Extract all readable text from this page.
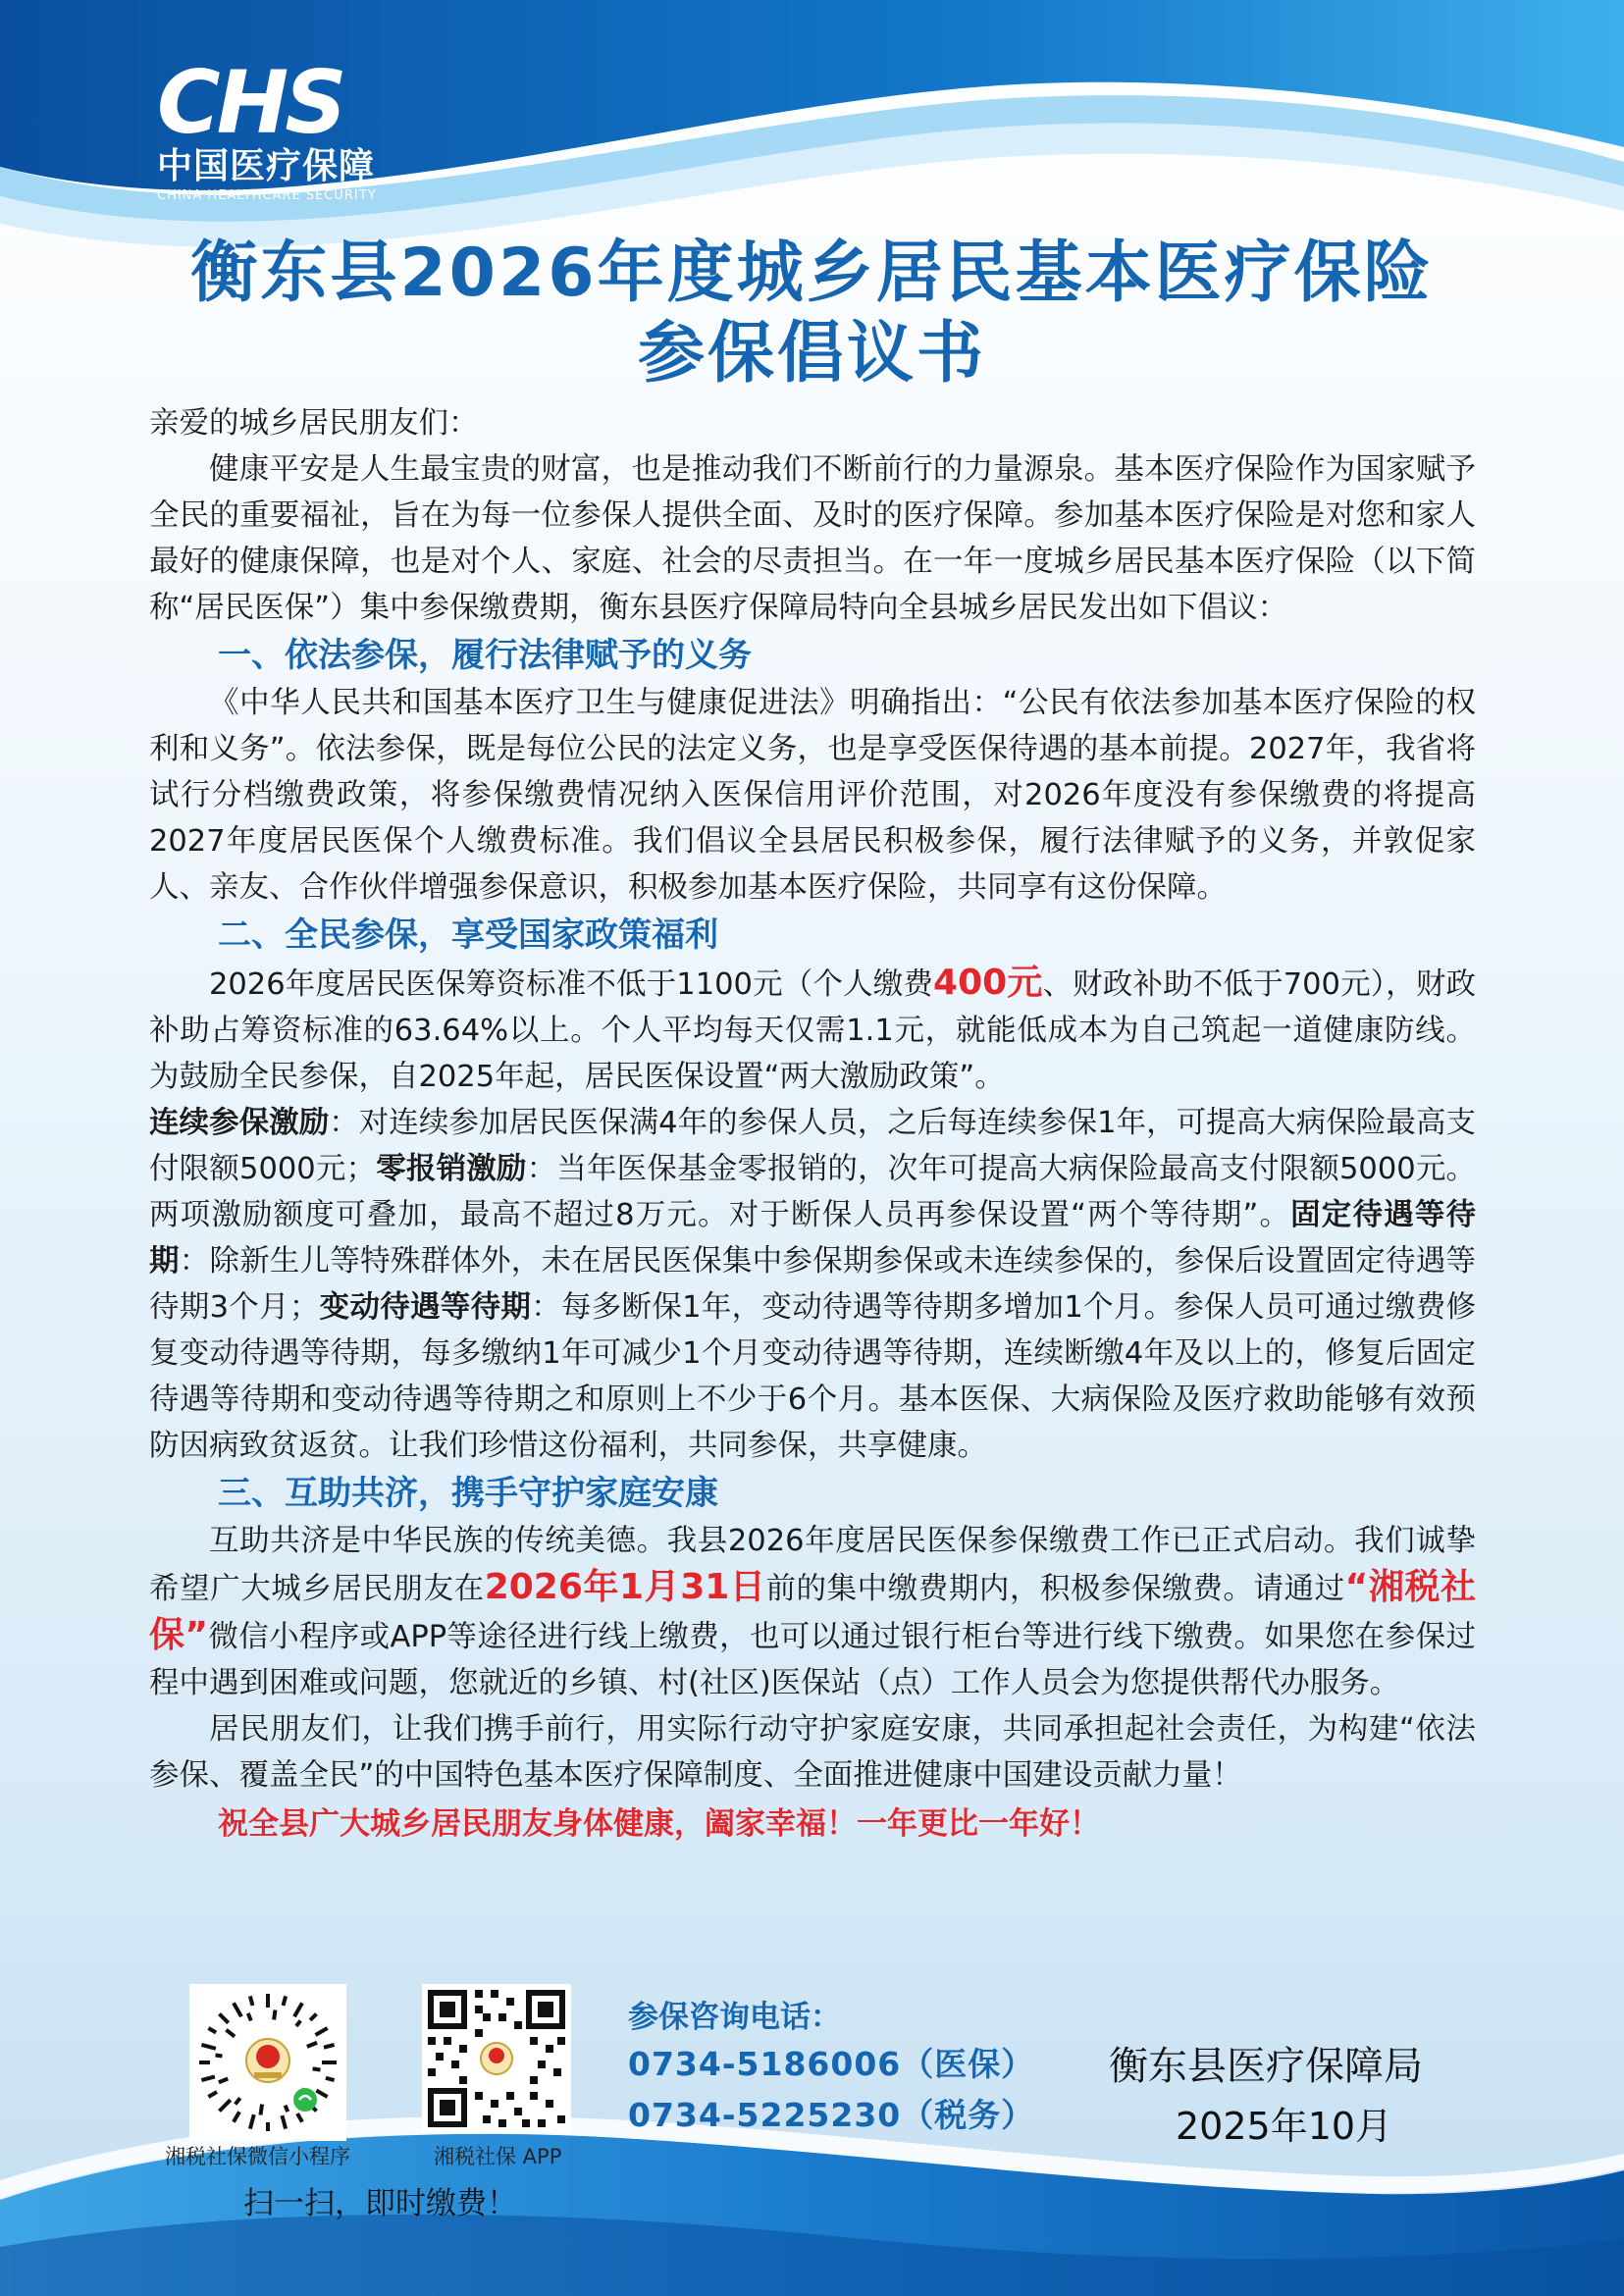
CHS
中国医疗保障
CHINA HEALTHCARE SECURITY
衡东县2026年度城乡居民基本医疗保险
参保倡议书

亲爱的城乡居民朋友们：

健康平安是人生最宝贵的财富，也是推动我们不断前行的力量源泉。基本医疗保险作为国家赋予全民的重要福祉，旨在为每一位参保人提供全面、及时的医疗保障。参加基本医疗保险是对您和家人最好的健康保障，也是对个人、家庭、社会的尽责担当。在一年一度城乡居民基本医疗保险（以下简称“居民医保”）集中参保缴费期，衡东县医疗保障局特向全县城乡居民发出如下倡议：

一、依法参保，履行法律赋予的义务

《中华人民共和国基本医疗卫生与健康促进法》明确指出：“公民有依法参加基本医疗保险的权利和义务”。依法参保，既是每位公民的法定义务，也是享受医保待遇的基本前提。2027年，我省将试行分档缴费政策，将参保缴费情况纳入医保信用评价范围，对2026年度没有参保缴费的将提高2027年度居民医保个人缴费标准。我们倡议全县居民积极参保，履行法律赋予的义务，并敦促家人、亲友、合作伙伴增强参保意识，积极参加基本医疗保险，共同享有这份保障。

二、全民参保，享受国家政策福利

2026年度居民医保筹资标准不低于1100元（个人缴费400元、财政补助不低于700元），财政补助占筹资标准的63.64%以上。个人平均每天仅需1.1元，就能低成本为自己筑起一道健康防线。为鼓励全民参保，自2025年起，居民医保设置“两大激励政策”。

连续参保激励：对连续参加居民医保满4年的参保人员，之后每连续参保1年，可提高大病保险最高支付限额5000元；零报销激励：当年医保基金零报销的，次年可提高大病保险最高支付限额5000元。两项激励额度可叠加，最高不超过8万元。对于断保人员再参保设置“两个等待期”。固定待遇等待期：除新生儿等特殊群体外，未在居民医保集中参保期参保或未连续参保的，参保后设置固定待遇等待期3个月；变动待遇等待期：每多断保1年，变动待遇等待期多增加1个月。参保人员可通过缴费修复变动待遇等待期，每多缴纳1年可减少1个月变动待遇等待期，连续断缴4年及以上的，修复后固定待遇等待期和变动待遇等待期之和原则上不少于6个月。基本医保、大病保险及医疗救助能够有效预防因病致贫返贫。让我们珍惜这份福利，共同参保，共享健康。

三、互助共济，携手守护家庭安康

互助共济是中华民族的传统美德。我县2026年度居民医保参保缴费工作已正式启动。我们诚挚希望广大城乡居民朋友在2026年1月31日前的集中缴费期内，积极参保缴费。请通过“湘税社保”微信小程序或APP等途径进行线上缴费，也可以通过银行柜台等进行线下缴费。如果您在参保过程中遇到困难或问题，您就近的乡镇、村(社区)医保站（点）工作人员会为您提供帮代办服务。

居民朋友们，让我们携手前行，用实际行动守护家庭安康，共同承担起社会责任，为构建“依法参保、覆盖全民”的中国特色基本医疗保障制度、全面推进健康中国建设贡献力量！

祝全县广大城乡居民朋友身体健康，阖家幸福！一年更比一年好！

湘税社保微信小程序	湘税社保 APP
扫一扫，即时缴费！
参保咨询电话：
0734-5186006（医保）
0734-5225230（税务）
衡东县医疗保障局
2025年10月
